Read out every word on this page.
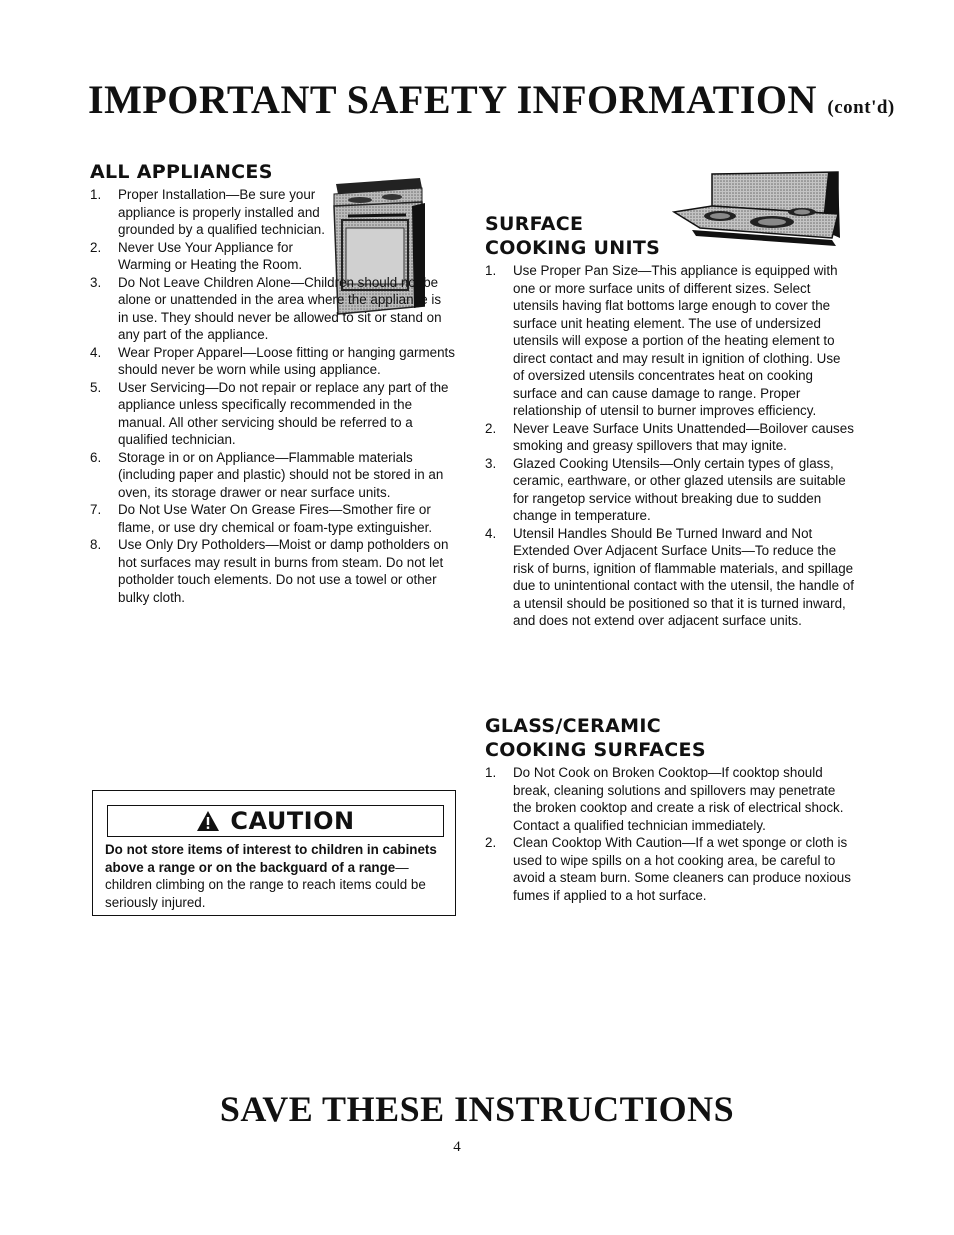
IMPORTANT SAFETY INFORMATION (cont'd)
ALL APPLIANCES
1. Proper Installation—Be sure your appliance is properly installed and grounded by a qualified technician.
2. Never Use Your Appliance for Warming or Heating the Room.
3. Do Not Leave Children Alone—Children should not be alone or unattended in the area where the appliance is in use. They should never be allowed to sit or stand on any part of the appliance.
4. Wear Proper Apparel—Loose fitting or hanging garments should never be worn while using appliance.
5. User Servicing—Do not repair or replace any part of the appliance unless specifically recommended in the manual. All other servicing should be referred to a qualified technician.
6. Storage in or on Appliance—Flammable materials (including paper and plastic) should not be stored in an oven, its storage drawer or near surface units.
7. Do Not Use Water On Grease Fires—Smother fire or flame, or use dry chemical or foam-type extinguisher.
8. Use Only Dry Potholders—Moist or damp potholders on hot surfaces may result in burns from steam. Do not let potholder touch elements. Do not use a towel or other bulky cloth.
SURFACE
COOKING UNITS
1. Use Proper Pan Size—This appliance is equipped with one or more surface units of different sizes. Select utensils having flat bottoms large enough to cover the surface unit heating element. The use of undersized utensils will expose a portion of the heating element to direct contact and may result in ignition of clothing. Use of oversized utensils concentrates heat on cooking surface and can cause damage to range. Proper relationship of utensil to burner improves efficiency.
2. Never Leave Surface Units Unattended—Boilover causes smoking and greasy spillovers that may ignite.
3. Glazed Cooking Utensils—Only certain types of glass, ceramic, earthware, or other glazed utensils are suitable for rangetop service without breaking due to sudden change in temperature.
4. Utensil Handles Should Be Turned Inward and Not Extended Over Adjacent Surface Units—To reduce the risk of burns, ignition of flammable materials, and spillage due to unintentional contact with the utensil, the handle of a utensil should be positioned so that it is turned inward, and does not extend over adjacent surface units.
GLASS/CERAMIC
COOKING SURFACES
1. Do Not Cook on Broken Cooktop—If cooktop should break, cleaning solutions and spillovers may penetrate the broken cooktop and create a risk of electrical shock. Contact a qualified technician immediately.
2. Clean Cooktop With Caution—If a wet sponge or cloth is used to wipe spills on a hot cooking area, be careful to avoid a steam burn. Some cleaners can produce noxious fumes if applied to a hot surface.
CAUTION
Do not store items of interest to children in cabinets above a range or on the backguard of a range—children climbing on the range to reach items could be seriously injured.
SAVE THESE INSTRUCTIONS
4
